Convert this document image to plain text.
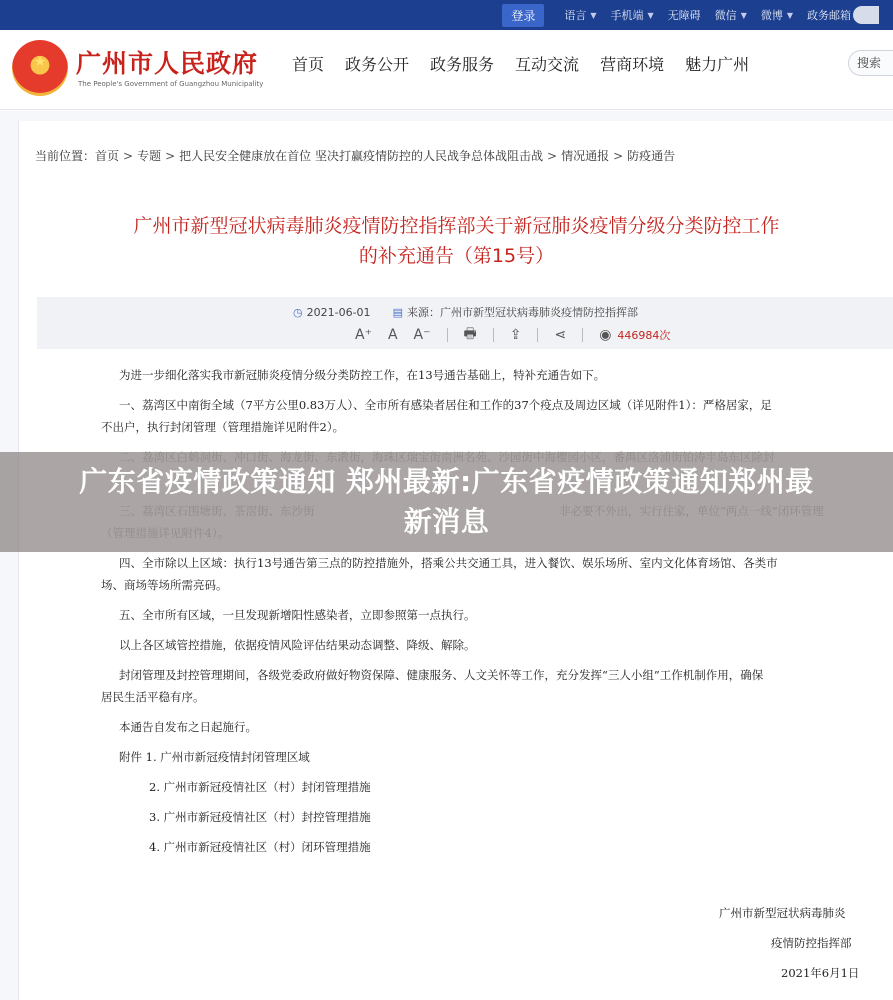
登录	语言 ▼ 手机端 ▼ 无障碍 微信 ▼ 微博 ▼ 政务邮箱
★	广州市人民政府
The People's Government of Guangzhou Municipality
首页 政务公开 政务服务 互动交流 营商环境 魅力广州	搜索
当前位置：首页 > 专题 > 把人民安全健康放在首位 坚决打赢疫情防控的人民战争总体战阻击战 > 情况通报 > 防疫通告
广州市新型冠状病毒肺炎疫情防控指挥部关于新冠肺炎疫情分级分类防控工作
的补充通告（第15号）
◷ 2021-06-01 ▤ 来源：广州市新型冠状病毒肺炎疫情防控指挥部
A⁺ A A⁻ 🖶 ⇪ ⋖ ◉ 446984次
为进一步细化落实我市新冠肺炎疫情分级分类防控工作，在13号通告基础上，特补充通告如下。
一、荔湾区中南街全域（7平方公里0.83万人）、全市所有感染者居住和工作的37个疫点及周边区域（详见附件1）：严格居家，足
不出户，执行封闭管理（管理措施详见附件2）。
四、全市除以上区域：执行13号通告第三点的防控措施外，搭乘公共交通工具，进入餐饮、娱乐场所、室内文化体育场馆、各类市
场、商场等场所需亮码。
五、全市所有区域，一旦发现新增阳性感染者，立即参照第一点执行。
以上各区域管控措施，依据疫情风险评估结果动态调整、降级、解除。
封闭管理及封控管理期间，各级党委政府做好物资保障、健康服务、人文关怀等工作，充分发挥“三人小组”工作机制作用，确保
居民生活平稳有序。
本通告自发布之日起施行。
附件 1. 广州市新冠疫情封闭管理区域
2. 广州市新冠疫情社区（村）封闭管理措施
3. 广州市新冠疫情社区（村）封控管理措施
4. 广州市新冠疫情社区（村）闭环管理措施
广州市新型冠状病毒肺炎
疫情防控指挥部
2021年6月1日
广东省疫情政策通知 郑州最新:广东省疫情政策通知郑州最新消息
